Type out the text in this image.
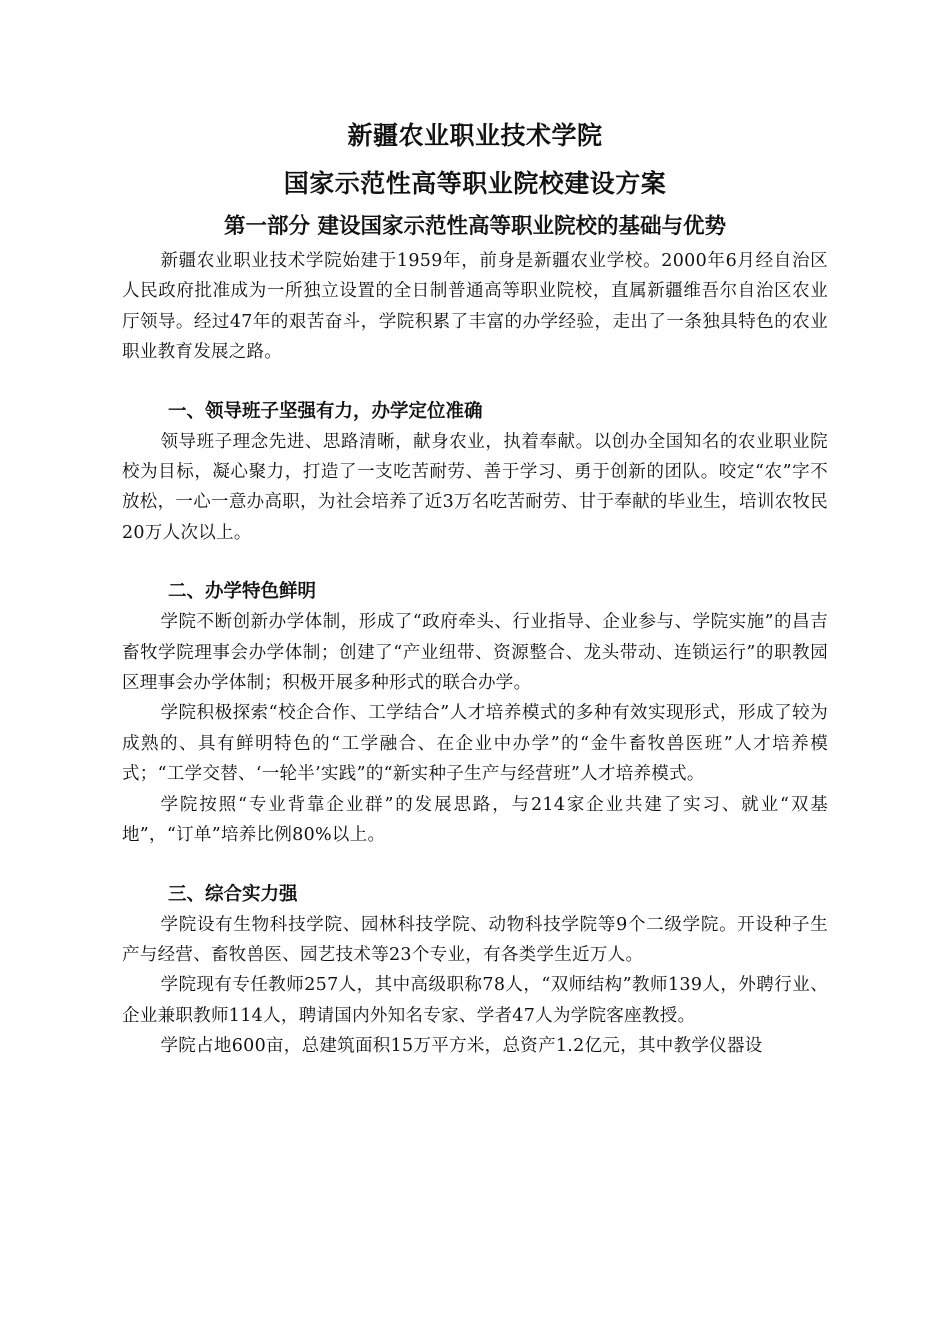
新疆农业职业技术学院
国家示范性高等职业院校建设方案
第一部分 建设国家示范性高等职业院校的基础与优势

新疆农业职业技术学院始建于1959年，前身是新疆农业学校。2000年6月经自治区人民政府批准成为一所独立设置的全日制普通高等职业院校，直属新疆维吾尔自治区农业厅领导。经过47年的艰苦奋斗，学院积累了丰富的办学经验，走出了一条独具特色的农业职业教育发展之路。

一、领导班子坚强有力，办学定位准确

领导班子理念先进、思路清晰，献身农业，执着奉献。以创办全国知名的农业职业院校为目标，凝心聚力，打造了一支吃苦耐劳、善于学习、勇于创新的团队。咬定“农”字不放松，一心一意办高职，为社会培养了近3万名吃苦耐劳、甘于奉献的毕业生，培训农牧民20万人次以上。

二、办学特色鲜明

学院不断创新办学体制，形成了“政府牵头、行业指导、企业参与、学院实施”的昌吉畜牧学院理事会办学体制；创建了“产业纽带、资源整合、龙头带动、连锁运行”的职教园区理事会办学体制；积极开展多种形式的联合办学。

学院积极探索“校企合作、工学结合”人才培养模式的多种有效实现形式，形成了较为成熟的、具有鲜明特色的“工学融合、在企业中办学”的“金牛畜牧兽医班”人才培养模式；“工学交替、‘一轮半’实践”的“新实种子生产与经营班”人才培养模式。

学院按照“专业背靠企业群”的发展思路，与214家企业共建了实习、就业“双基地”，“订单”培养比例80%以上。

三、综合实力强

学院设有生物科技学院、园林科技学院、动物科技学院等9个二级学院。开设种子生产与经营、畜牧兽医、园艺技术等23个专业，有各类学生近万人。

学院现有专任教师257人，其中高级职称78人，“双师结构”教师139人，外聘行业、企业兼职教师114人，聘请国内外知名专家、学者47人为学院客座教授。

学院占地600亩，总建筑面积15万平方米，总资产1.2亿元，其中教学仪器设
